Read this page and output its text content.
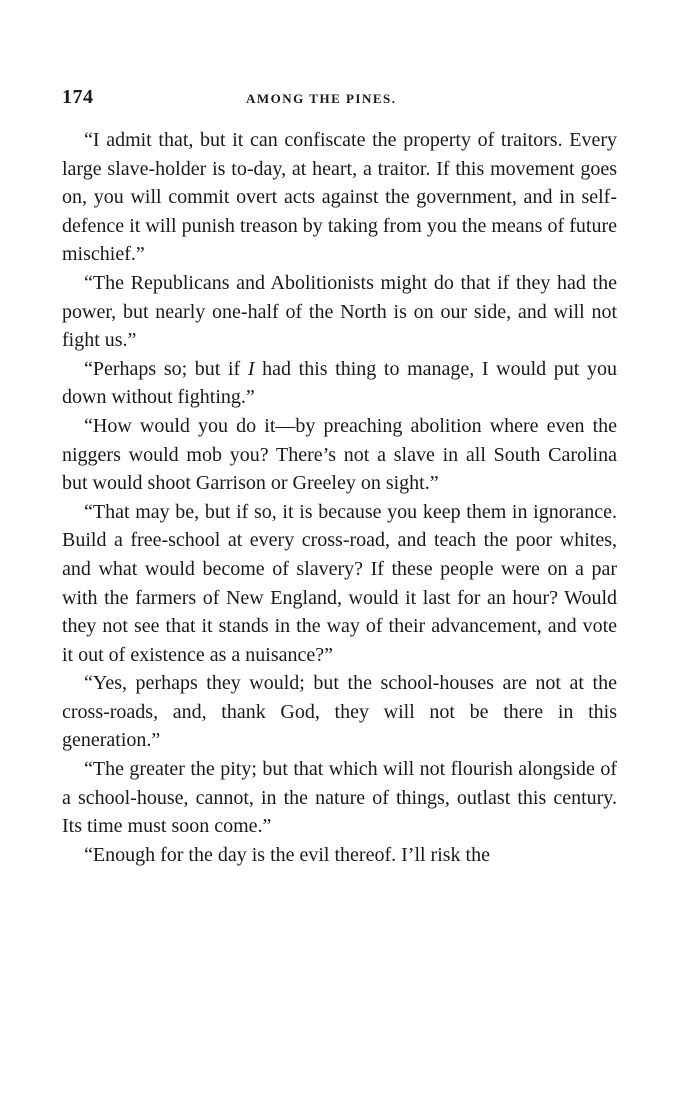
174	AMONG THE PINES.

“I admit that, but it can confiscate the property of traitors. Every large slave-holder is to-day, at heart, a traitor. If this movement goes on, you will commit overt acts against the government, and in self-defence it will punish treason by taking from you the means of future mischief.”

“The Republicans and Abolitionists might do that if they had the power, but nearly one-half of the North is on our side, and will not fight us.”

“Perhaps so; but if I had this thing to manage, I would put you down without fighting.”

“How would you do it—by preaching abolition where even the niggers would mob you? There’s not a slave in all South Carolina but would shoot Garrison or Greeley on sight.”

“That may be, but if so, it is because you keep them in ignorance. Build a free-school at every cross-road, and teach the poor whites, and what would become of slavery? If these people were on a par with the farmers of New England, would it last for an hour? Would they not see that it stands in the way of their advancement, and vote it out of existence as a nuisance?”

“Yes, perhaps they would; but the school-houses are not at the cross-roads, and, thank God, they will not be there in this generation.”

“The greater the pity; but that which will not flourish alongside of a school-house, cannot, in the nature of things, outlast this century. Its time must soon come.”

“Enough for the day is the evil thereof. I’ll risk the
